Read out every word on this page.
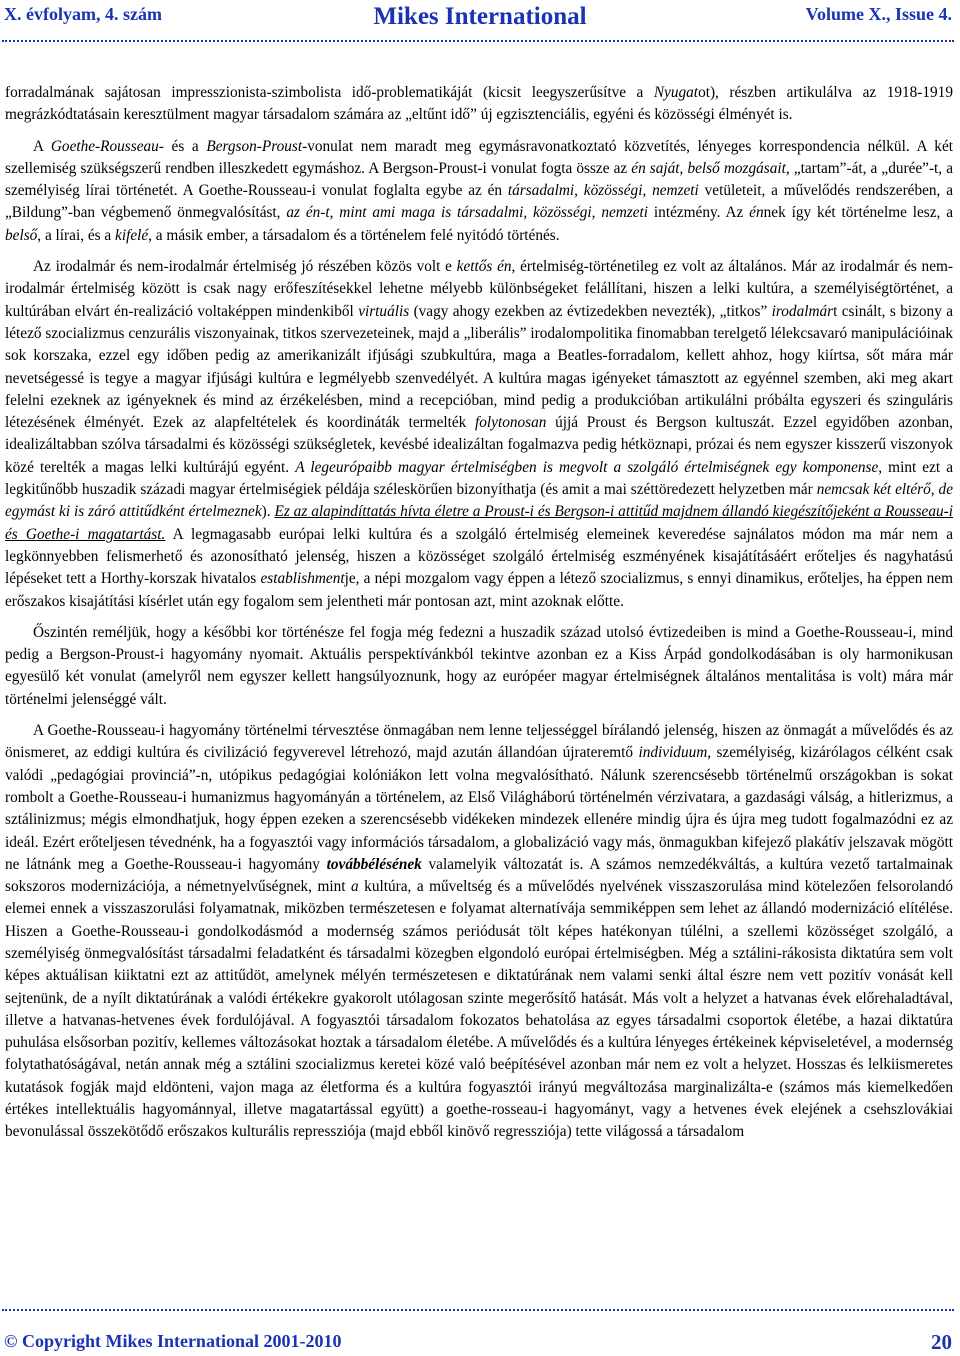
X. évfolyam, 4. szám	Mikes International	Volume X., Issue 4.

forradalmának sajátosan impresszionista-szimbolista idő-problematikáját (kicsit leegyszerűsítve a Nyugatot), részben artikulálva az 1918-1919 megrázkódtatásain keresztülment magyar társadalom számára az „eltűnt idő” új egzisztenciális, egyéni és közösségi élményét is.

A Goethe-Rousseau- és a Bergson-Proust-vonulat nem maradt meg egymásravonatkoztató közvetítés, lényeges korrespondencia nélkül. A két szellemiség szükségszerű rendben illeszkedett egymáshoz. A Bergson-Proust-i vonulat fogta össze az én saját, belső mozgásait, „tartam”-át, a „durée”-t, a személyiség lírai történetét. A Goethe-Rousseau-i vonulat foglalta egybe az én társadalmi, közösségi, nemzeti vetületeit, a művelődés rendszerében, a „Bildung”-ban végbemenő önmegvalósítást, az én-t, mint ami maga is társadalmi, közösségi, nemzeti intézmény. Az énnek így két történelme lesz, a belső, a lírai, és a kifelé, a másik ember, a társadalom és a történelem felé nyitódó történés.

Az irodalmár és nem-irodalmár értelmiség jó részében közös volt e kettős én, értelmiség-történetileg ez volt az általános. Már az irodalmár és nem-irodalmár értelmiség között is csak nagy erőfeszítésekkel lehetne mélyebb különbségeket felállítani, hiszen a lelki kultúra, a személyiségtörténet, a kultúrában elvárt én-realizáció voltaképpen mindenkiből virtuális (vagy ahogy ezekben az évtizedekben nevezték), „titkos” irodalmárt csinált, s bizony a létező szocializmus cenzurális viszonyainak, titkos szervezeteinek, majd a „liberális” irodalompolitika finomabban terelgető lélekcsavaró manipulációinak sok korszaka, ezzel egy időben pedig az amerikanizált ifjúsági szubkultúra, maga a Beatles-forradalom, kellett ahhoz, hogy kiírtsa, sőt mára már nevetségessé is tegye a magyar ifjúsági kultúra e legmélyebb szenvedélyét. A kultúra magas igényeket támasztott az egyénnel szemben, aki meg akart felelni ezeknek az igényeknek és mind az érzékelésben, mind a recepcióban, mind pedig a produkcióban artikulálni próbálta egyszeri és szinguláris létezésének élményét. Ezek az alapfeltételek és koordináták termelték folytonosan újjá Proust és Bergson kultuszát. Ezzel egyidőben azonban, idealizáltabban szólva társadalmi és közösségi szükségletek, kevésbé idealizáltan fogalmazva pedig hétköznapi, prózai és nem egyszer kisszerű viszonyok közé terelték a magas lelki kultúrájú egyént. A legeurópaibb magyar értelmiségben is megvolt a szolgáló értelmiségnek egy komponense, mint ezt a legkitűnőbb huszadik századi magyar értelmiségiek példája széleskörűen bizonyíthatja (és amit a mai széttöredezett helyzetben már nemcsak két eltérő, de egymást ki is záró attitűdként értelmeznek). Ez az alapindíttatás hívta életre a Proust-i és Bergson-i attitűd majdnem állandó kiegészítőjeként a Rousseau-i és Goethe-i magatartást. A legmagasabb európai lelki kultúra és a szolgáló értelmiség elemeinek keveredése sajnálatos módon ma már nem a legkönnyebben felismerhető és azonosítható jelenség, hiszen a közösséget szolgáló értelmiség eszményének kisajátításáért erőteljes és nagyhatású lépéseket tett a Horthy-korszak hivatalos establishmentje, a népi mozgalom vagy éppen a létező szocializmus, s ennyi dinamikus, erőteljes, ha éppen nem erőszakos kisajátítási kísérlet után egy fogalom sem jelentheti már pontosan azt, mint azoknak előtte.

Őszintén reméljük, hogy a későbbi kor történésze fel fogja még fedezni a huszadik század utolsó évtizedeiben is mind a Goethe-Rousseau-i, mind pedig a Bergson-Proust-i hagyomány nyomait. Aktuális perspektívánkból tekintve azonban ez a Kiss Árpád gondolkodásában is oly harmonikusan egyesülő két vonulat (amelyről nem egyszer kellett hangsúlyoznunk, hogy az európéer magyar értelmiségnek általános mentalitása is volt) mára már történelmi jelenséggé vált.

A Goethe-Rousseau-i hagyomány történelmi térvesztése önmagában nem lenne teljességgel bírálandó jelenség, hiszen az önmagát a művelődés és az önismeret, az eddigi kultúra és civilizáció fegyverevel létrehozó, majd azután állandóan újrateremtő individuum, személyiség, kizárólagos célként csak valódi „pedagógiai provinciá”-n, utópikus pedagógiai kolóniákon lett volna megvalósítható. Nálunk szerencsésebb történelmű országokban is sokat rombolt a Goethe-Rousseau-i humanizmus hagyományán a történelem, az Első Világháború történelmén vérzivatara, a gazdasági válság, a hitlerizmus, a sztálinizmus; mégis elmondhatjuk, hogy éppen ezeken a szerencsésebb vidékeken mindezek ellenére mindig újra és újra meg tudott fogalmazódni ez az ideál. Ezért erőteljesen tévednénk, ha a fogyasztói vagy információs társadalom, a globalizáció vagy más, önmagukban kifejező plakátív jelszavak mögött ne látnánk meg a Goethe-Rousseau-i hagyomány továbbélésének valamelyik változatát is. A számos nemzedékváltás, a kultúra vezető tartalmainak sokszoros modernizációja, a németnyelvűségnek, mint a kultúra, a műveltség és a művelődés nyelvének visszaszorulása mind kötelezően felsorolandó elemei ennek a visszaszorulási folyamatnak, miközben természetesen e folyamat alternatívája semmiképpen sem lehet az állandó modernizáció elítélése. Hiszen a Goethe-Rousseau-i gondolkodásmód a modernség számos periódusát tölt képes hatékonyan túlélni, a szellemi közösséget szolgáló, a személyiség önmegvalósítást társadalmi feladatként és társadalmi közegben elgondoló európai értelmiségben. Még a sztálini-rákosista diktatúra sem volt képes aktuálisan kiiktatni ezt az attitűdöt, amelynek mélyén természetesen e diktatúrának nem valami senki által észre nem vett pozitív vonását kell sejtenünk, de a nyílt diktatúrának a valódi értékekre gyakorolt utólagosan szinte megerősítő hatását. Más volt a helyzet a hatvanas évek előrehaladtával, illetve a hatvanas-hetvenes évek fordulójával. A fogyasztói társadalom fokozatos behatolása az egyes társadalmi csoportok életébe, a hazai diktatúra puhulása elsősorban pozitív, kellemes változásokat hoztak a társadalom életébe. A művelődés és a kultúra lényeges értékeinek képviseletével, a modernség folytathatóságával, netán annak még a sztálini szocializmus keretei közé való beépítésével azonban már nem ez volt a helyzet. Hosszas és lelkiismeretes kutatások fogják majd eldönteni, vajon maga az életforma és a kultúra fogyasztói irányú megváltozása marginalizálta-e (számos más kiemelkedően értékes intellektuális hagyománnyal, illetve magatartással együtt) a goethe-rosseau-i hagyományt, vagy a hetvenes évek elejének a csehszlovákiai bevonulással összekötődő erőszakos kulturális repressziója (majd ebből kinövő regressziója) tette világossá a társadalom

© Copyright Mikes International 2001-2010	20
